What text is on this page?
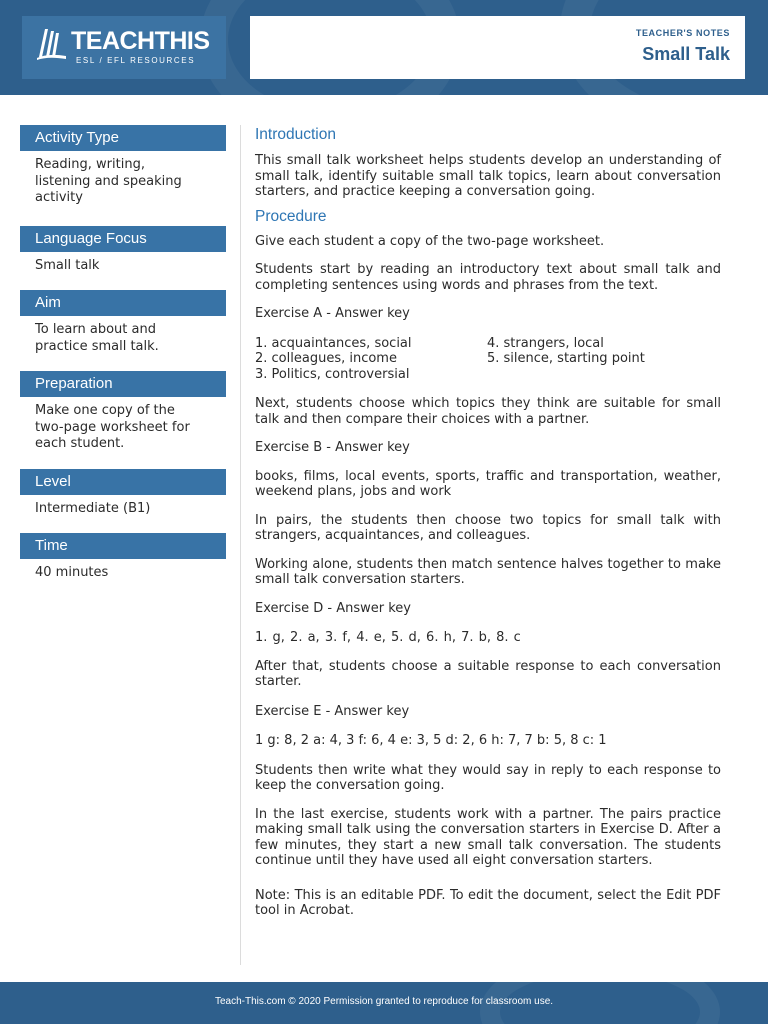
TEACHTHIS
ESL / EFL RESOURCES
TEACHER'S NOTES
Small Talk
Activity Type
Reading, writing,
listening and speaking
activity
Language Focus
Small talk
Aim
To learn about and
practice small talk.
Preparation
Make one copy of the
two-page worksheet for
each student.
Level
Intermediate (B1)
Time
40 minutes
Introduction
This small talk worksheet helps students develop an understanding of small talk, identify suitable small talk topics, learn about conversation starters, and practice keeping a conversation going.
Procedure
Give each student a copy of the two-page worksheet.
Students start by reading an introductory text about small talk and completing sentences using words and phrases from the text.
Exercise A - Answer key
1. acquaintances, social	4. strangers, local
2. colleagues, income	5. silence, starting point
3. Politics, controversial
Next, students choose which topics they think are suitable for small talk and then compare their choices with a partner.
Exercise B - Answer key
books, films, local events, sports, traffic and transportation, weather, weekend plans, jobs and work
In pairs, the students then choose two topics for small talk with strangers, acquaintances, and colleagues.
Working alone, students then match sentence halves together to make small talk conversation starters.
Exercise D - Answer key
1. g, 2. a, 3. f, 4. e, 5. d, 6. h, 7. b, 8. c
After that, students choose a suitable response to each conversation starter.
Exercise E - Answer key
1 g: 8, 2 a: 4, 3 f: 6, 4 e: 3, 5 d: 2, 6 h: 7, 7 b: 5, 8 c: 1
Students then write what they would say in reply to each response to keep the conversation going.
In the last exercise, students work with a partner. The pairs practice making small talk using the conversation starters in Exercise D. After a few minutes, they start a new small talk conversation. The students continue until they have used all eight conversation starters.
Note: This is an editable PDF. To edit the document, select the Edit PDF tool in Acrobat.
Teach-This.com © 2020 Permission granted to reproduce for classroom use.
